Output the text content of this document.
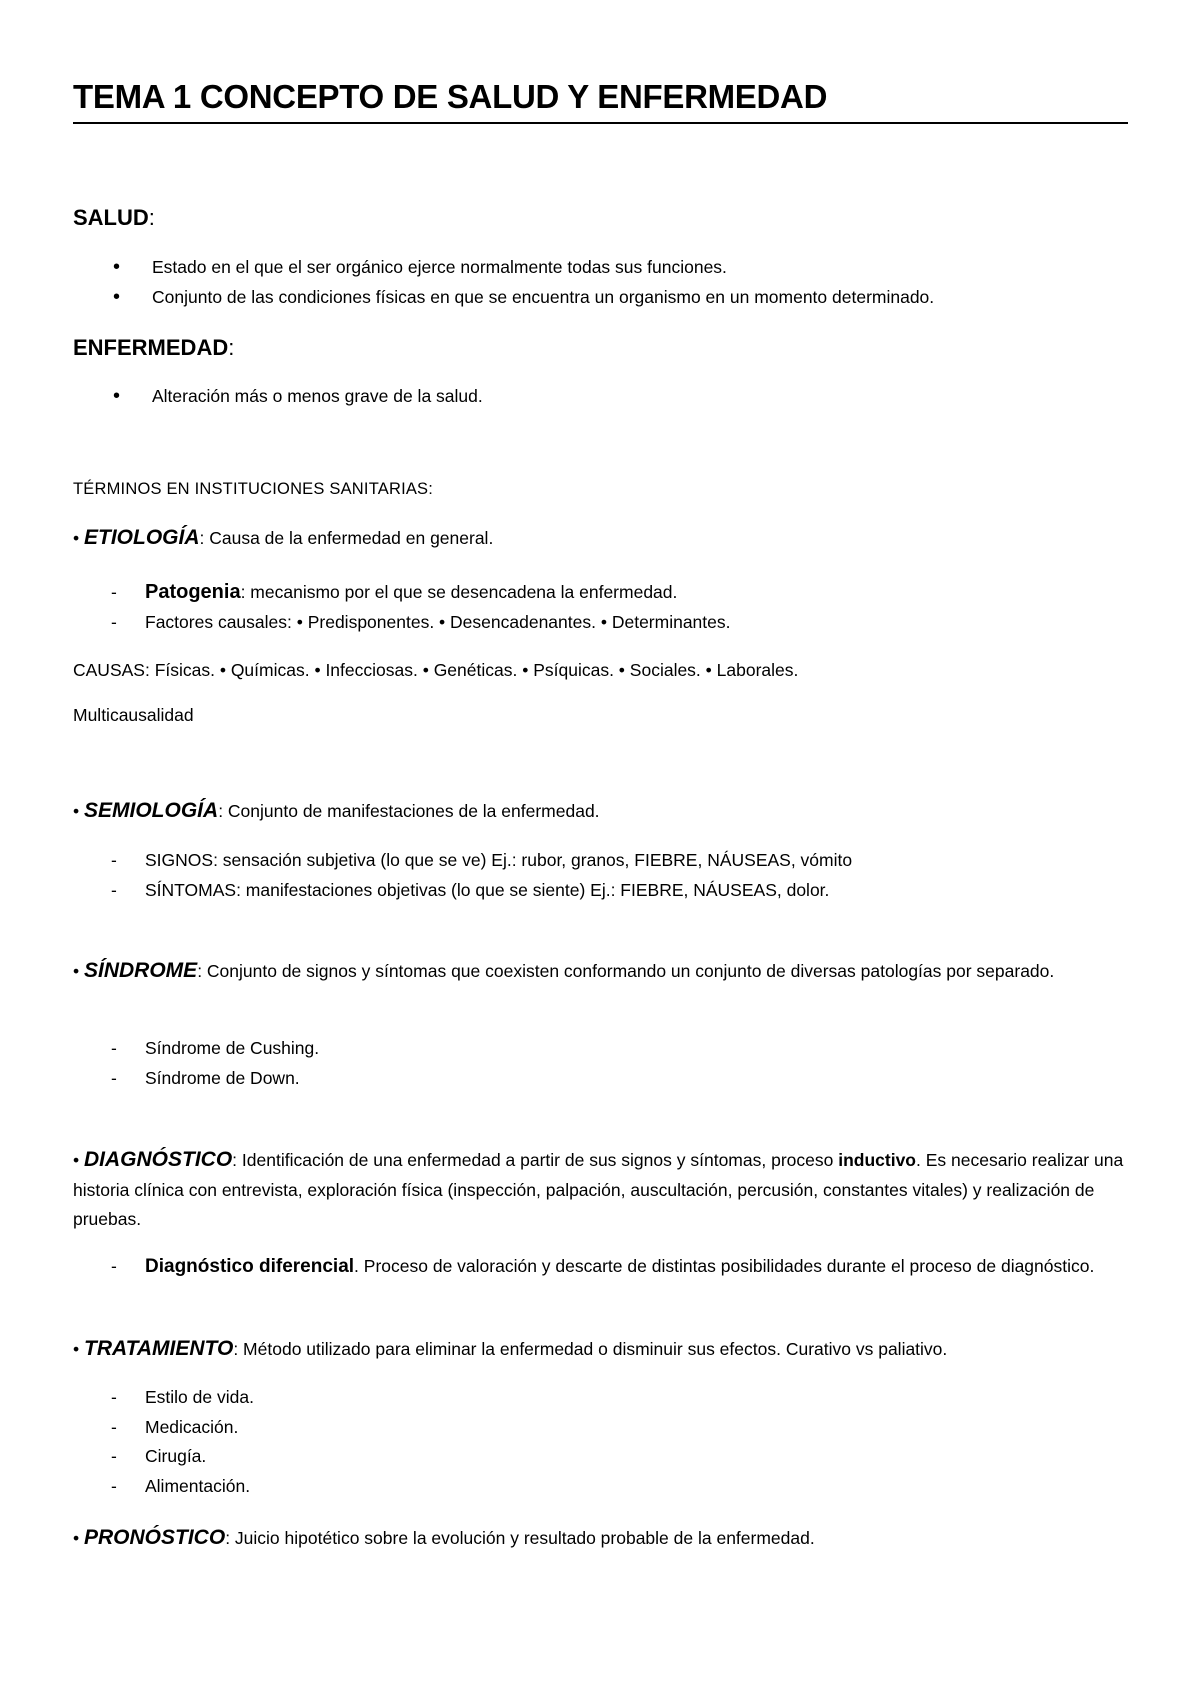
TEMA 1 CONCEPTO DE SALUD Y ENFERMEDAD
SALUD:
• Estado en el que el ser orgánico ejerce normalmente todas sus funciones.
• Conjunto de las condiciones físicas en que se encuentra un organismo en un momento determinado.
ENFERMEDAD:
• Alteración más o menos grave de la salud.
TÉRMINOS EN INSTITUCIONES SANITARIAS:
• ETIOLOGÍA: Causa de la enfermedad en general.
- Patogenia: mecanismo por el que se desencadena la enfermedad.
- Factores causales: • Predisponentes. • Desencadenantes. • Determinantes.
CAUSAS: Físicas. • Químicas. • Infecciosas. • Genéticas. • Psíquicas. • Sociales. • Laborales.
Multicausalidad
• SEMIOLOGÍA: Conjunto de manifestaciones de la enfermedad.
- SIGNOS: sensación subjetiva (lo que se ve) Ej.: rubor, granos, FIEBRE, NÁUSEAS, vómito
- SÍNTOMAS: manifestaciones objetivas (lo que se siente) Ej.: FIEBRE, NÁUSEAS, dolor.
• SÍNDROME: Conjunto de signos y síntomas que coexisten conformando un conjunto de diversas patologías por separado.
- Síndrome de Cushing.
- Síndrome de Down.
• DIAGNÓSTICO: Identificación de una enfermedad a partir de sus signos y síntomas, proceso inductivo. Es necesario realizar una historia clínica con entrevista, exploración física (inspección, palpación, auscultación, percusión, constantes vitales) y realización de pruebas.
- Diagnóstico diferencial. Proceso de valoración y descarte de distintas posibilidades durante el proceso de diagnóstico.
• TRATAMIENTO: Método utilizado para eliminar la enfermedad o disminuir sus efectos. Curativo vs paliativo.
- Estilo de vida.
- Medicación.
- Cirugía.
- Alimentación.
• PRONÓSTICO: Juicio hipotético sobre la evolución y resultado probable de la enfermedad.
